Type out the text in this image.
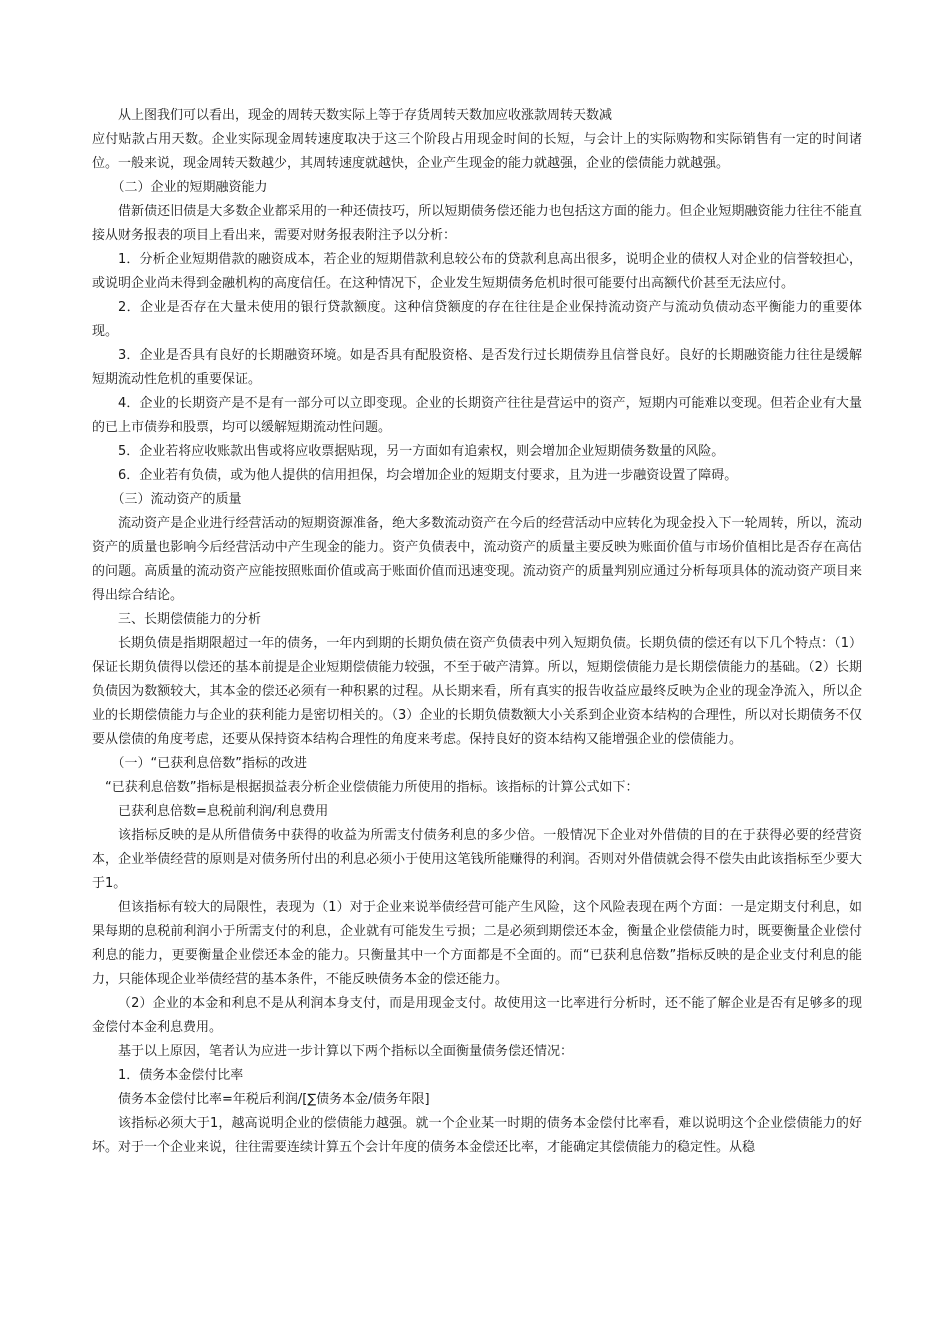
从上图我们可以看出，现金的周转天数实际上等于存货周转天数加应收涨款周转天数减

应付贴款占用天数。企业实际现金周转速度取决于这三个阶段占用现金时间的长短，与会计上的实际购物和实际销售有一定的时间诸位。一般来说，现金周转天数越少，其周转速度就越快，企业产生现金的能力就越强，企业的偿债能力就越强。

（二）企业的短期融资能力

借新债还旧债是大多数企业都采用的一种还债技巧，所以短期债务偿还能力也包括这方面的能力。但企业短期融资能力往往不能直接从财务报表的项目上看出来，需要对财务报表附注予以分析：

1．分析企业短期借款的融资成本，若企业的短期借款利息较公布的贷款利息高出很多，说明企业的债权人对企业的信誉较担心，或说明企业尚未得到金融机构的高度信任。在这种情况下，企业发生短期债务危机时很可能要付出高额代价甚至无法应付。

2．企业是否存在大量未使用的银行贷款额度。这种信贷额度的存在往往是企业保持流动资产与流动负债动态平衡能力的重要体现。

3．企业是否具有良好的长期融资环境。如是否具有配股资格、是否发行过长期债券且信誉良好。良好的长期融资能力往往是缓解短期流动性危机的重要保证。

4．企业的长期资产是不是有一部分可以立即变现。企业的长期资产往往是营运中的资产，短期内可能难以变现。但若企业有大量的已上市债券和股票，均可以缓解短期流动性问题。

5．企业若将应收账款出售或将应收票据贴现，另一方面如有追索权，则会增加企业短期债务数量的风险。

6．企业若有负债，或为他人提供的信用担保，均会增加企业的短期支付要求，且为进一步融资设置了障碍。

（三）流动资产的质量

流动资产是企业进行经营活动的短期资源准备，绝大多数流动资产在今后的经营活动中应转化为现金投入下一轮周转，所以，流动资产的质量也影响今后经营活动中产生现金的能力。资产负债表中，流动资产的质量主要反映为账面价值与市场价值相比是否存在高估的问题。高质量的流动资产应能按照账面价值或高于账面价值而迅速变现。流动资产的质量判别应通过分析每项具体的流动资产项目来得出综合结论。

三、长期偿债能力的分析

长期负债是指期限超过一年的债务，一年内到期的长期负债在资产负债表中列入短期负债。长期负债的偿还有以下几个特点：（1）保证长期负债得以偿还的基本前提是企业短期偿债能力较强，不至于破产清算。所以，短期偿债能力是长期偿债能力的基础。（2）长期负债因为数额较大，其本金的偿还必须有一种积累的过程。从长期来看，所有真实的报告收益应最终反映为企业的现金净流入，所以企业的长期偿债能力与企业的获利能力是密切相关的。（3）企业的长期负债数额大小关系到企业资本结构的合理性，所以对长期债务不仅要从偿债的角度考虑，还要从保持资本结构合理性的角度来考虑。保持良好的资本结构又能增强企业的偿债能力。

（一）“已获利息倍数”指标的改进

“已获利息倍数”指标是根据损益表分析企业偿债能力所使用的指标。该指标的计算公式如下：

已获利息倍数=息税前利润/利息费用

该指标反映的是从所借债务中获得的收益为所需支付债务利息的多少倍。一般情况下企业对外借债的目的在于获得必要的经营资本，企业举债经营的原则是对债务所付出的利息必须小于使用这笔钱所能赚得的利润。否则对外借债就会得不偿失由此该指标至少要大于1。

但该指标有较大的局限性，表现为（1）对于企业来说举债经营可能产生风险，这个风险表现在两个方面：一是定期支付利息，如果每期的息税前利润小于所需支付的利息，企业就有可能发生亏损；二是必须到期偿还本金，衡量企业偿债能力时，既要衡量企业偿付利息的能力，更要衡量企业偿还本金的能力。只衡量其中一个方面都是不全面的。而“已获利息倍数”指标反映的是企业支付利息的能力，只能体现企业举债经营的基本条件，不能反映债务本金的偿还能力。

（2）企业的本金和利息不是从利润本身支付，而是用现金支付。故使用这一比率进行分析时，还不能了解企业是否有足够多的现金偿付本金利息费用。

基于以上原因，笔者认为应进一步计算以下两个指标以全面衡量债务偿还情况：

1．债务本金偿付比率

债务本金偿付比率=年税后利润/[∑债务本金/债务年限]

该指标必须大于1，越高说明企业的偿债能力越强。就一个企业某一时期的债务本金偿付比率看，难以说明这个企业偿债能力的好坏。对于一个企业来说，往往需要连续计算五个会计年度的债务本金偿还比率，才能确定其偿债能力的稳定性。从稳
